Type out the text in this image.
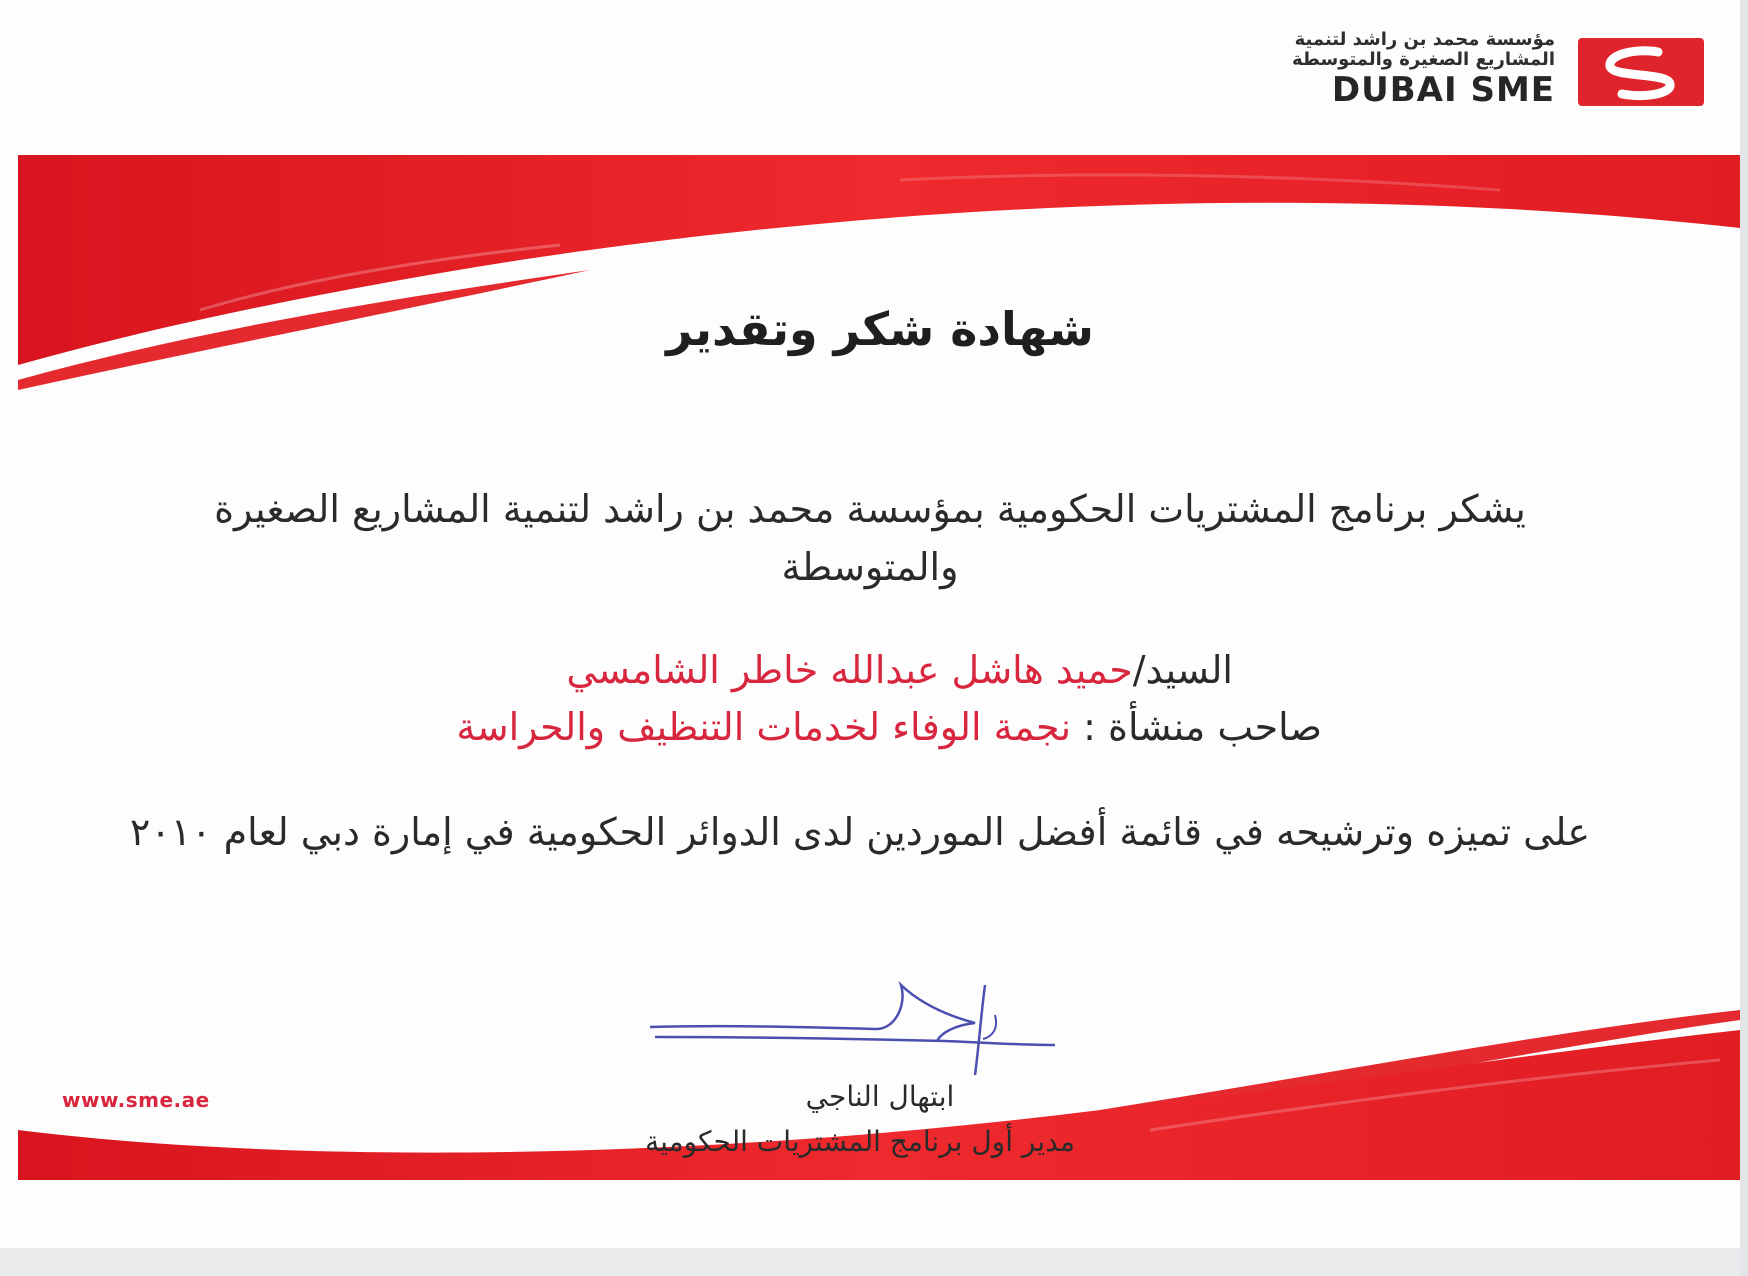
مؤسسة محمد بن راشد لتنمية
المشاريع الصغيرة والمتوسطة
DUBAI SME
شهادة شكر وتقدير
يشكر برنامج المشتريات الحكومية بمؤسسة محمد بن راشد لتنمية المشاريع الصغيرة والمتوسطة
السيد/حميد هاشل عبدالله خاطر الشامسي
صاحب منشأة : نجمة الوفاء لخدمات التنظيف والحراسة
على تميزه وترشيحه في قائمة أفضل الموردين لدى الدوائر الحكومية في إمارة دبي لعام ٢٠١٠
ابتهال الناجي
مدير أول برنامج المشتريات الحكومية
www.sme.ae
